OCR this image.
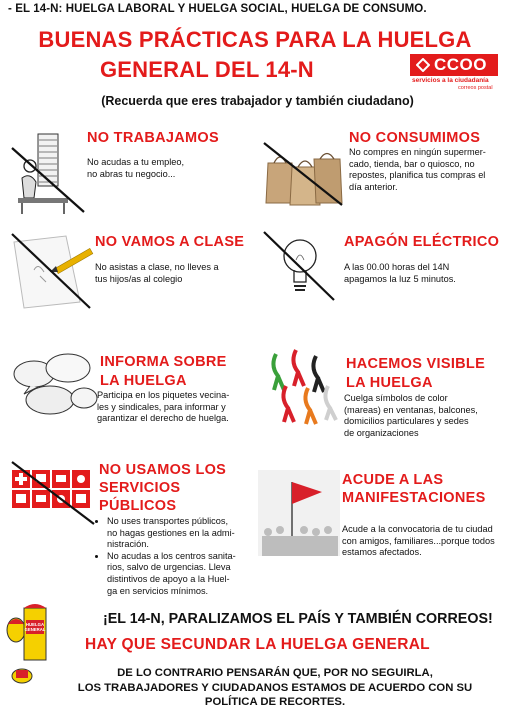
- EL 14-N: HUELGA LABORAL Y HUELGA SOCIAL, HUELGA DE CONSUMO.
BUENAS PRÁCTICAS PARA LA HUELGA
GENERAL DEL 14-N	CCOO
servicios a la ciudadanía
correos postal
(Recuerda que eres trabajador y también ciudadano)
NO TRABAJAMOS
No acudas a tu empleo,
no abras tu negocio...
NO CONSUMIMOS
No compres en ningún supermer-
cado, tienda, bar o quiosco, no
repostes, planifica tus compras el
día anterior.
NO VAMOS A CLASE
No asistas a clase, no lleves a
tus hijos/as al colegio
APAGÓN ELÉCTRICO
A las 00.00 horas del 14N
apagamos la luz 5 minutos.
INFORMA SOBRE
LA HUELGA
Participa en los piquetes vecina-
les y sindicales, para informar y
garantizar el derecho de huelga.
HACEMOS VISIBLE
LA HUELGA
Cuelga símbolos de color
(mareas) en ventanas, balcones,
domicilios particulares y sedes
de organizaciones
NO USAMOS LOS
SERVICIOS
PÚBLICOS
• No uses transportes públicos,
no hagas gestiones en la admi-
nistración.
• No acudas a los centros sanita-
rios, salvo de urgencias. Lleva
distintivos de apoyo a la Huel-
ga en servicios mínimos.
ACUDE A LAS
MANIFESTACIONES
Acude a la convocatoria de tu ciudad
con amigos, familiares...porque todos
estamos afectados.
HUELGA
GENERAL
¡EL 14-N, PARALIZAMOS EL PAÍS Y TAMBIÉN CORREOS!
HAY QUE SECUNDAR LA HUELGA GENERAL
DE LO CONTRARIO PENSARÁN QUE, POR NO SEGUIRLA,
LOS TRABAJADORES Y CIUDADANOS ESTAMOS DE ACUERDO CON SU
POLÍTICA DE RECORTES.
